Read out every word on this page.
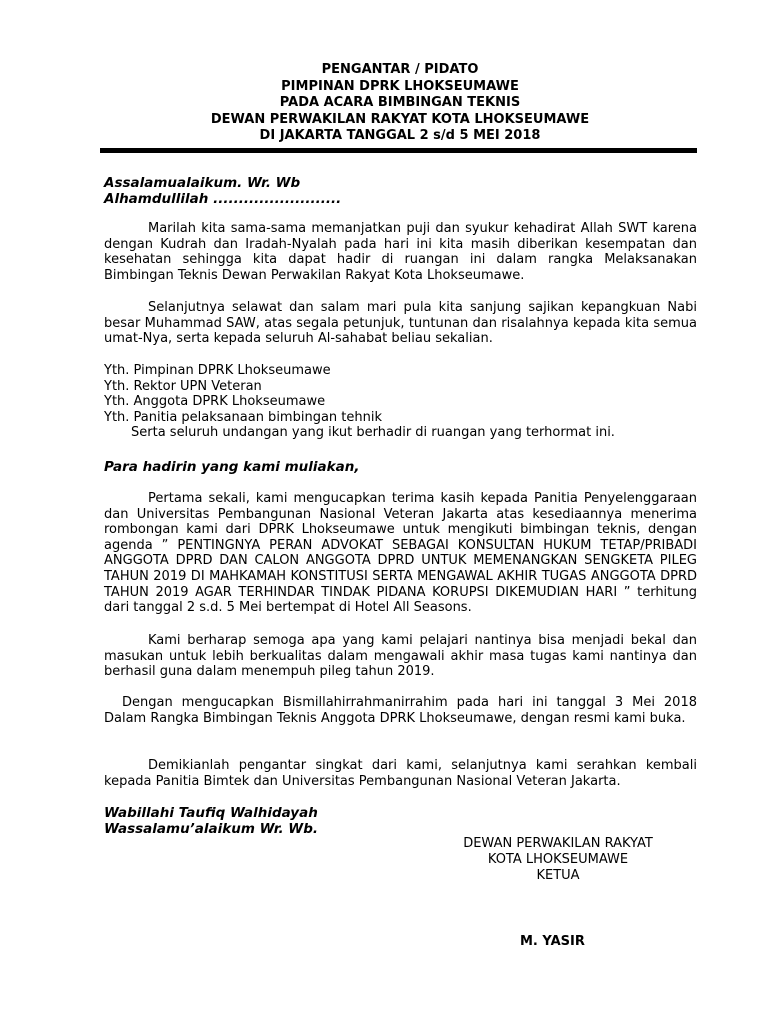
PENGANTAR / PIDATO
PIMPINAN DPRK LHOKSEUMAWE
PADA ACARA BIMBINGAN TEKNIS
DEWAN PERWAKILAN RAKYAT KOTA LHOKSEUMAWE
DI JAKARTA TANGGAL 2 s/d 5 MEI 2018
Assalamualaikum. Wr. Wb
Alhamdullilah .........................
Marilah kita sama-sama memanjatkan puji dan syukur kehadirat Allah SWT karena dengan Kudrah dan Iradah-Nyalah pada hari ini kita masih diberikan kesempatan dan kesehatan sehingga kita dapat hadir di ruangan ini dalam rangka Melaksanakan Bimbingan Teknis Dewan Perwakilan Rakyat Kota Lhokseumawe.
Selanjutnya selawat dan salam mari pula kita sanjung sajikan kepangkuan Nabi besar Muhammad SAW, atas segala petunjuk, tuntunan dan risalahnya kepada kita semua umat-Nya, serta kepada seluruh Al-sahabat beliau sekalian.
Yth. Pimpinan DPRK Lhokseumawe
Yth. Rektor UPN Veteran
Yth. Anggota DPRK Lhokseumawe
Yth. Panitia pelaksanaan bimbingan tehnik
Serta seluruh undangan yang ikut berhadir di ruangan yang terhormat ini.
Para hadirin yang kami muliakan,
Pertama sekali, kami mengucapkan terima kasih kepada Panitia Penyelenggaraan dan Universitas Pembangunan Nasional Veteran Jakarta atas kesediaannya menerima rombongan kami dari DPRK Lhokseumawe untuk mengikuti bimbingan teknis, dengan agenda ” PENTINGNYA PERAN ADVOKAT SEBAGAI KONSULTAN HUKUM TETAP/PRIBADI ANGGOTA DPRD DAN CALON ANGGOTA DPRD UNTUK MEMENANGKAN SENGKETA PILEG TAHUN 2019 DI MAHKAMAH KONSTITUSI SERTA MENGAWAL AKHIR TUGAS ANGGOTA DPRD TAHUN 2019 AGAR TERHINDAR TINDAK PIDANA KORUPSI DIKEMUDIAN HARI ” terhitung dari tanggal 2 s.d. 5 Mei bertempat di Hotel All Seasons.
Kami berharap semoga apa yang kami pelajari nantinya bisa menjadi bekal dan masukan untuk lebih berkualitas dalam mengawali akhir masa tugas kami nantinya dan berhasil guna dalam menempuh pileg tahun 2019.
Dengan mengucapkan Bismillahirrahmanirrahim pada hari ini tanggal 3 Mei 2018 Dalam Rangka Bimbingan Teknis Anggota DPRK Lhokseumawe, dengan resmi kami buka.
Demikianlah pengantar singkat dari kami, selanjutnya kami serahkan kembali kepada Panitia Bimtek dan Universitas Pembangunan Nasional Veteran Jakarta.
Wabillahi Taufiq Walhidayah
Wassalamu’alaikum Wr. Wb.
DEWAN PERWAKILAN RAKYAT
KOTA LHOKSEUMAWE
KETUA
M. YASIR
